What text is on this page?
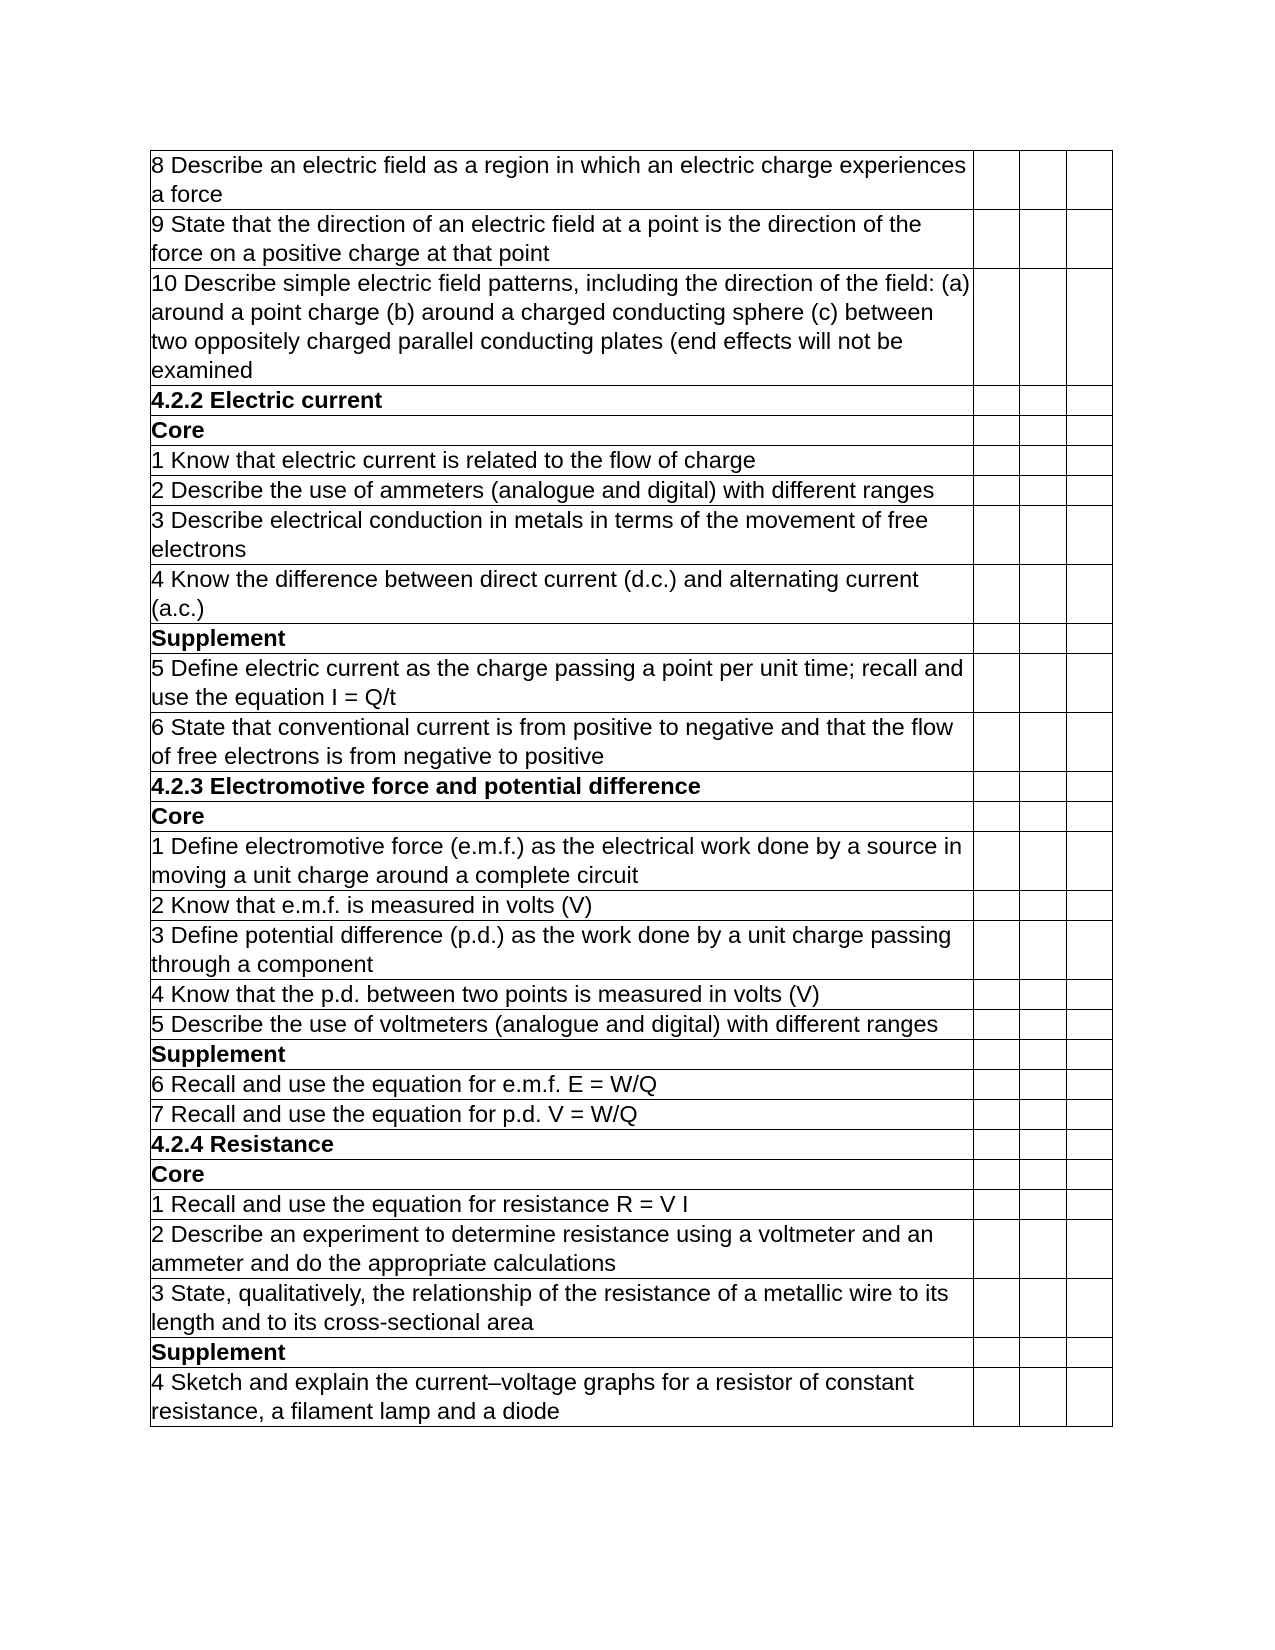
8 Describe an electric field as a region in which an electric charge experiences a force			
9 State that the direction of an electric field at a point is the direction of the force on a positive charge at that point			
10 Describe simple electric field patterns, including the direction of the field: (a) around a point charge (b) around a charged conducting sphere (c) between two oppositely charged parallel conducting plates (end effects will not be examined			
4.2.2 Electric current			
Core			
1 Know that electric current is related to the flow of charge			
2 Describe the use of ammeters (analogue and digital) with different ranges			
3 Describe electrical conduction in metals in terms of the movement of free electrons			
4 Know the difference between direct current (d.c.) and alternating current (a.c.)			
Supplement			
5 Define electric current as the charge passing a point per unit time; recall and use the equation I = Q/t			
6 State that conventional current is from positive to negative and that the flow of free electrons is from negative to positive			
4.2.3 Electromotive force and potential difference			
Core			
1 Define electromotive force (e.m.f.) as the electrical work done by a source in moving a unit charge around a complete circuit			
2 Know that e.m.f. is measured in volts (V)			
3 Define potential difference (p.d.) as the work done by a unit charge passing through a component			
4 Know that the p.d. between two points is measured in volts (V)			
5 Describe the use of voltmeters (analogue and digital) with different ranges			
Supplement			
6 Recall and use the equation for e.m.f. E = W/Q			
7 Recall and use the equation for p.d. V = W/Q			
4.2.4 Resistance			
Core			
1 Recall and use the equation for resistance R = V I			
2 Describe an experiment to determine resistance using a voltmeter and an ammeter and do the appropriate calculations			
3 State, qualitatively, the relationship of the resistance of a metallic wire to its length and to its cross-sectional area			
Supplement			
4 Sketch and explain the current–voltage graphs for a resistor of constant resistance, a filament lamp and a diode			
